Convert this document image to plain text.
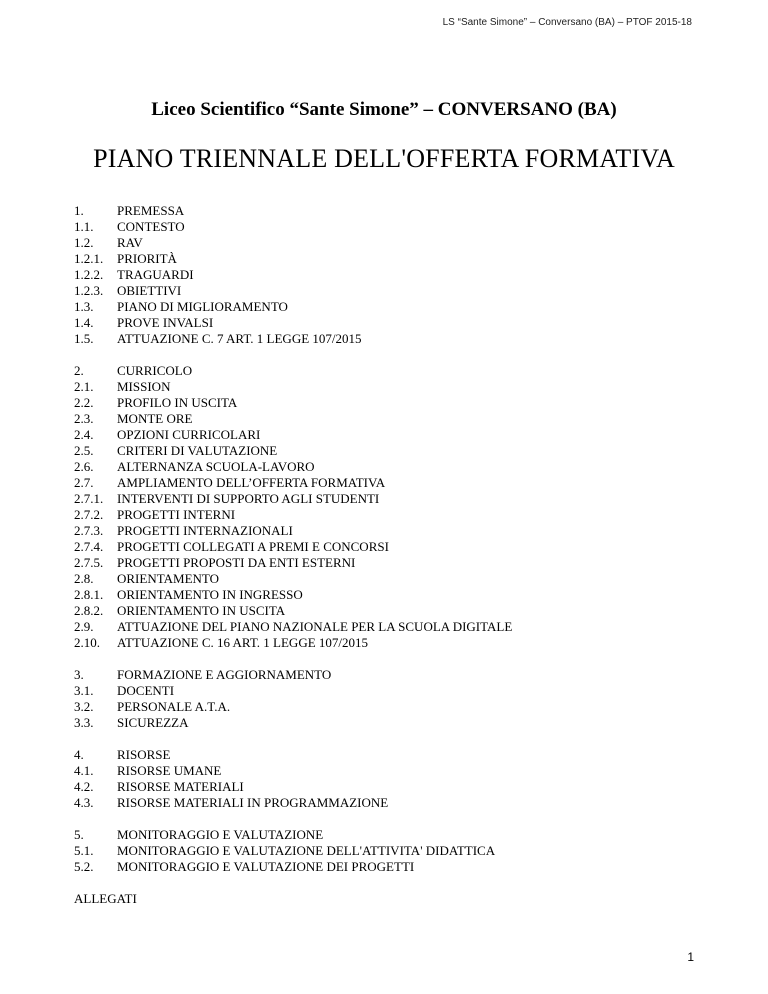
LS “Sante Simone” – Conversano (BA) – PTOF 2015-18
Liceo Scientifico “Sante Simone” – CONVERSANO (BA)
PIANO TRIENNALE DELL'OFFERTA FORMATIVA
1.	PREMESSA
1.1.	CONTESTO
1.2.	RAV
1.2.1.	PRIORITÀ
1.2.2.	TRAGUARDI
1.2.3.	OBIETTIVI
1.3.	PIANO DI MIGLIORAMENTO
1.4.	PROVE INVALSI
1.5.	ATTUAZIONE C. 7 ART. 1 LEGGE 107/2015
2.	CURRICOLO
2.1.	MISSION
2.2.	PROFILO IN USCITA
2.3.	MONTE ORE
2.4.	OPZIONI CURRICOLARI
2.5.	CRITERI DI VALUTAZIONE
2.6.	ALTERNANZA SCUOLA-LAVORO
2.7.	AMPLIAMENTO DELL’OFFERTA FORMATIVA
2.7.1.	INTERVENTI DI SUPPORTO AGLI STUDENTI
2.7.2.	PROGETTI INTERNI
2.7.3.	PROGETTI INTERNAZIONALI
2.7.4.	PROGETTI COLLEGATI A PREMI E CONCORSI
2.7.5.	PROGETTI PROPOSTI DA ENTI ESTERNI
2.8.	ORIENTAMENTO
2.8.1.	ORIENTAMENTO IN INGRESSO
2.8.2.	ORIENTAMENTO IN USCITA
2.9.	ATTUAZIONE DEL PIANO NAZIONALE PER LA SCUOLA DIGITALE
2.10.	ATTUAZIONE C. 16 ART. 1 LEGGE 107/2015
3.	FORMAZIONE E AGGIORNAMENTO
3.1.	DOCENTI
3.2.	PERSONALE A.T.A.
3.3.	SICUREZZA
4.	RISORSE
4.1.	RISORSE UMANE
4.2.	RISORSE MATERIALI
4.3.	RISORSE MATERIALI IN PROGRAMMAZIONE
5.	MONITORAGGIO E VALUTAZIONE
5.1.	MONITORAGGIO E VALUTAZIONE DELL'ATTIVITA' DIDATTICA
5.2.	MONITORAGGIO E VALUTAZIONE DEI PROGETTI
ALLEGATI
1
